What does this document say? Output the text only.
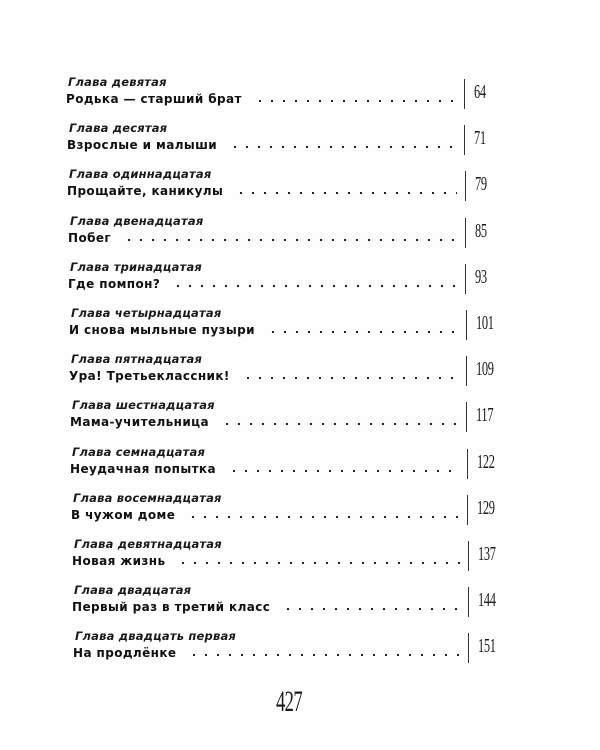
Глава девятая
Родька — старший брат	64
Глава десятая
Взрослые и малыши	71
Глава одиннадцатая
Прощайте, каникулы	79
Глава двенадцатая
Побег	85
Глава тринадцатая
Где помпон?	93
Глава четырнадцатая
И снова мыльные пузыри	101
Глава пятнадцатая
Ура! Третьеклассник!	109
Глава шестнадцатая
Мама-учительница	117
Глава семнадцатая
Неудачная попытка	122
Глава восемнадцатая
В чужом доме	129
Глава девятнадцатая
Новая жизнь	137
Глава двадцатая
Первый раз в третий класс	144
Глава двадцать первая
На продлёнке	151
427
